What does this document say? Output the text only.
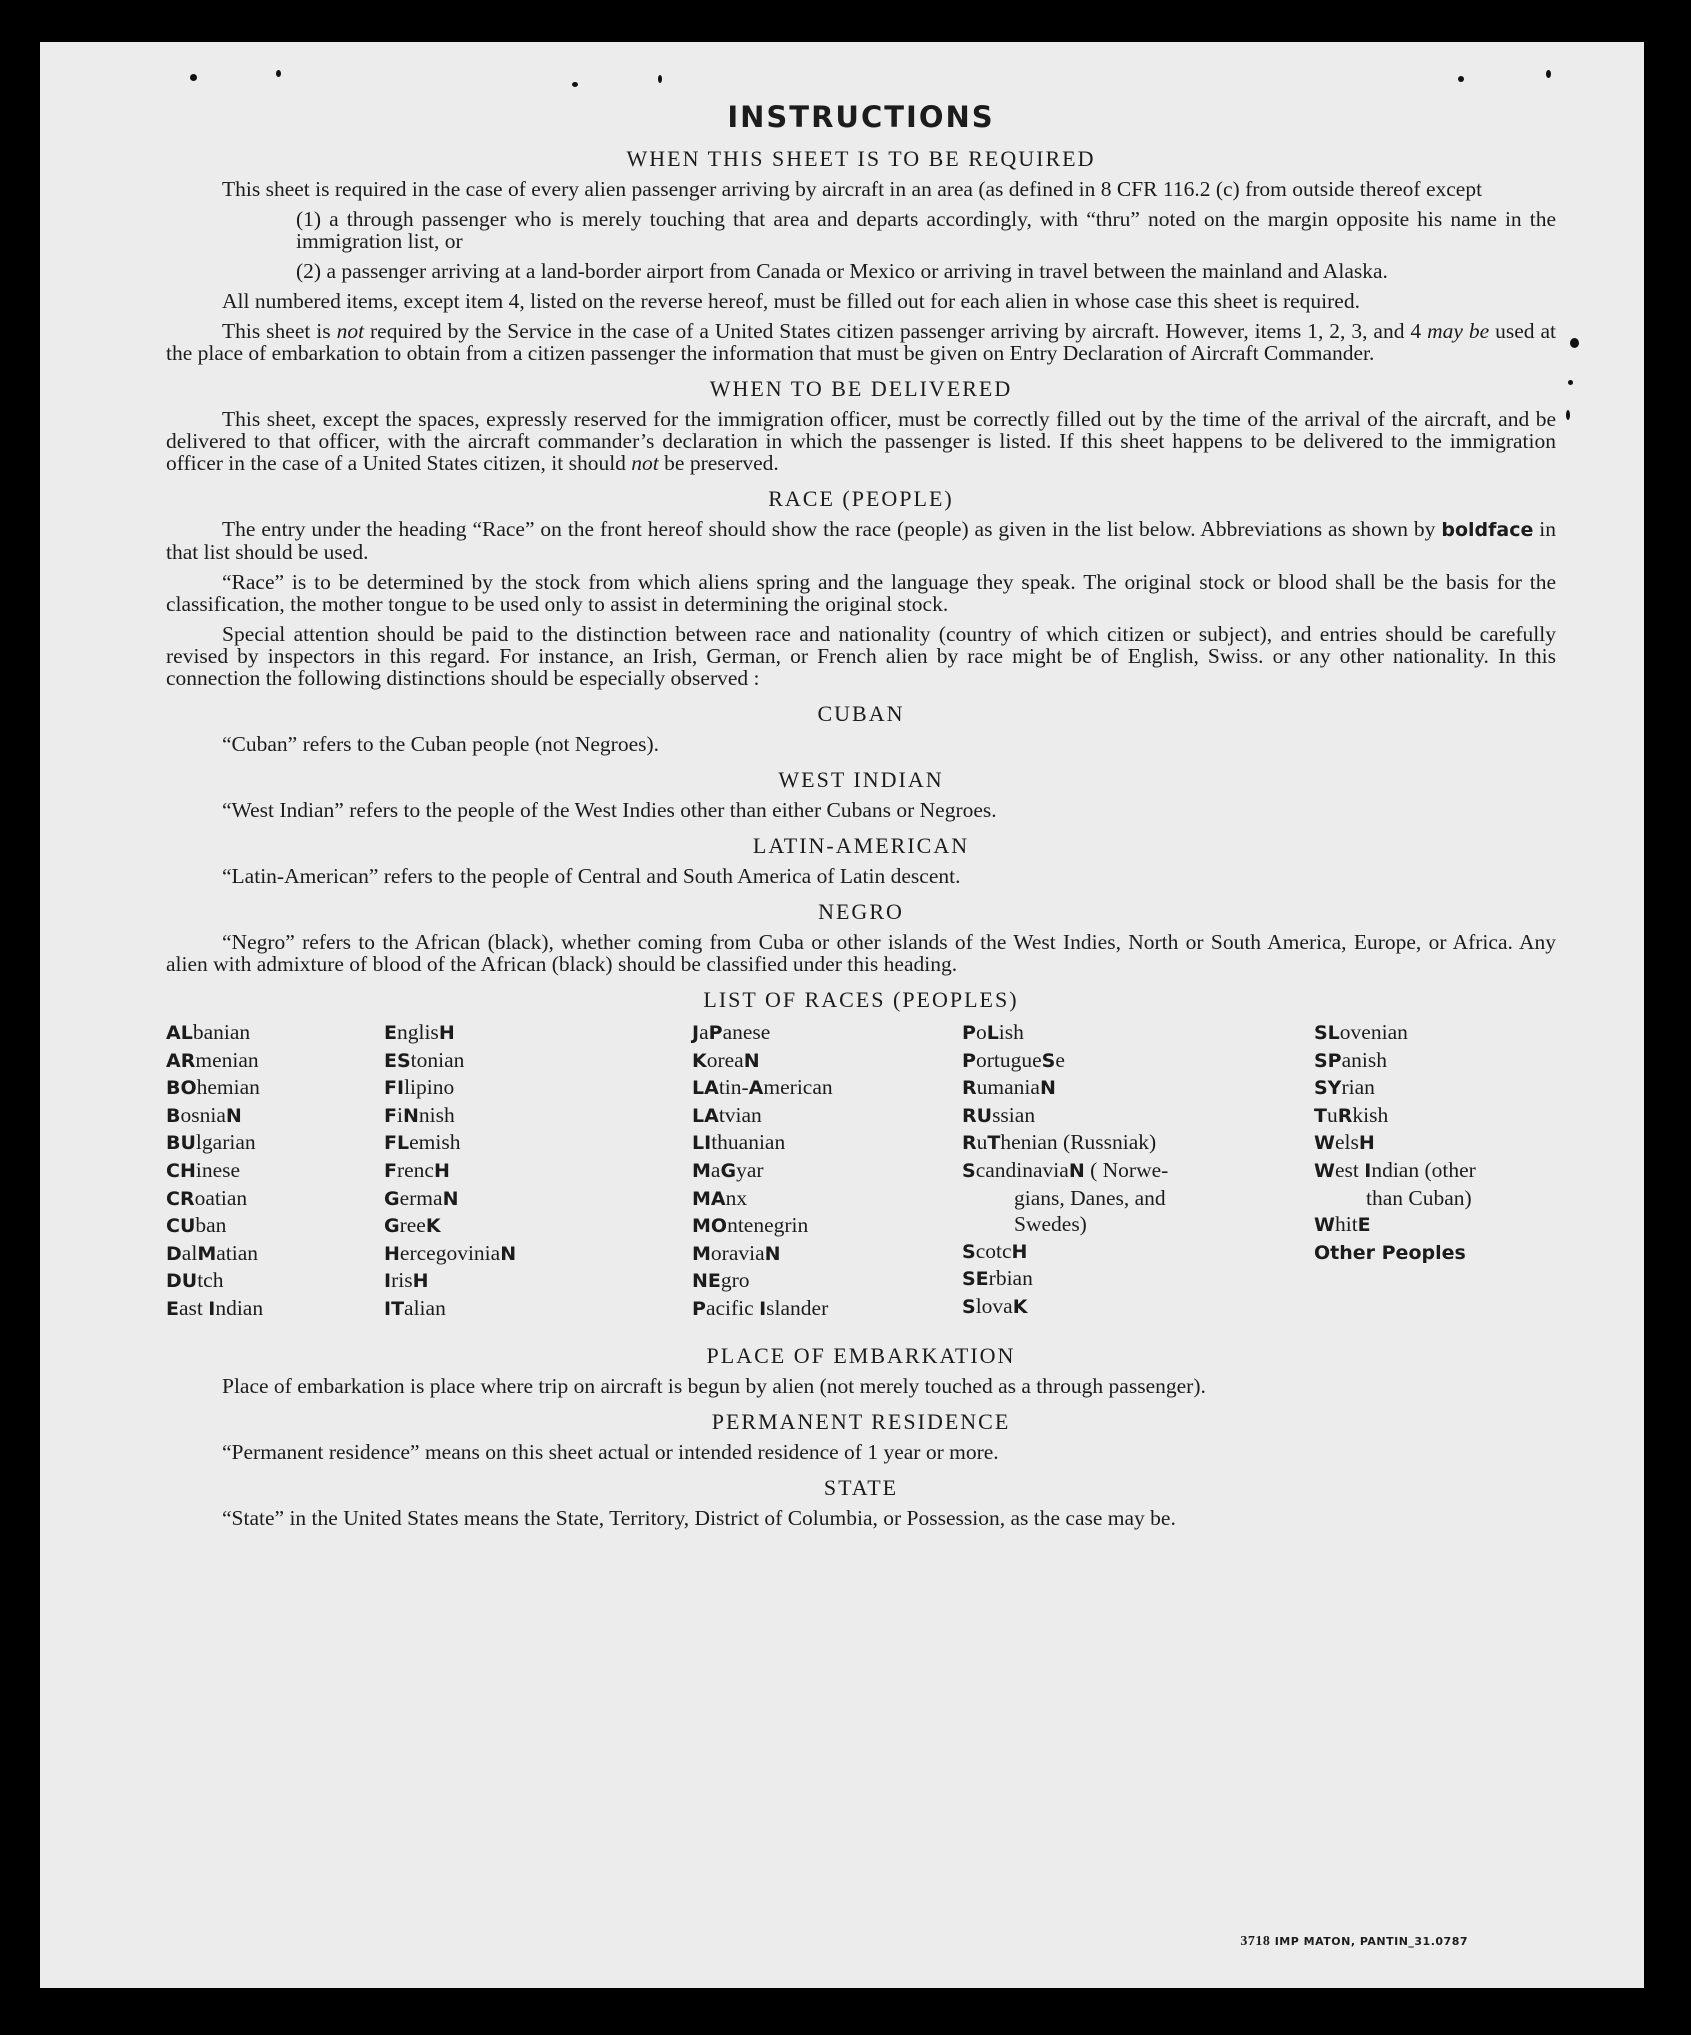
INSTRUCTIONS
WHEN THIS SHEET IS TO BE REQUIRED

This sheet is required in the case of every alien passenger arriving by aircraft in an area (as defined in 8 CFR 116.2 (c) from outside thereof except

(1) a through passenger who is merely touching that area and departs accordingly, with “thru” noted on the margin opposite his name in the immigration list, or

(2) a passenger arriving at a land-border airport from Canada or Mexico or arriving in travel between the mainland and Alaska.

All numbered items, except item 4, listed on the reverse hereof, must be filled out for each alien in whose case this sheet is required.

This sheet is not required by the Service in the case of a United States citizen passenger arriving by aircraft. However, items 1, 2, 3, and 4 may be used at the place of embarkation to obtain from a citizen passenger the information that must be given on Entry Declaration of Aircraft Commander.

WHEN TO BE DELIVERED

This sheet, except the spaces, expressly reserved for the immigration officer, must be correctly filled out by the time of the arrival of the aircraft, and be delivered to that officer, with the aircraft commander’s declaration in which the passenger is listed. If this sheet happens to be delivered to the immigration officer in the case of a United States citizen, it should not be preserved.

RACE (PEOPLE)

The entry under the heading “Race” on the front hereof should show the race (people) as given in the list below. Abbreviations as shown by boldface in that list should be used.

“Race” is to be determined by the stock from which aliens spring and the language they speak. The original stock or blood shall be the basis for the classification, the mother tongue to be used only to assist in determining the original stock.

Special attention should be paid to the distinction between race and nationality (country of which citizen or subject), and entries should be carefully revised by inspectors in this regard. For instance, an Irish, German, or French alien by race might be of English, Swiss. or any other nationality. In this connection the following distinctions should be especially observed :

CUBAN

“Cuban” refers to the Cuban people (not Negroes).

WEST INDIAN

“West Indian” refers to the people of the West Indies other than either Cubans or Negroes.

LATIN-AMERICAN

“Latin-American” refers to the people of Central and South America of Latin descent.

NEGRO

“Negro” refers to the African (black), whether coming from Cuba or other islands of the West Indies, North or South America, Europe, or Africa. Any alien with admixture of blood of the African (black) should be classified under this heading.

LIST OF RACES (PEOPLES)
ALbanian
ARmenian
BOhemian
BosniaN
BUlgarian
CHinese
CRoatian
CUban
DalMatian
DUtch
East Indian
EnglisH
EStonian
FIlipino
FiNnish
FLemish
FrencH
GermaN
GreeK
HercegoviniaN
IrisH
ITalian
JaPanese
KoreaN
LAtin-American
LAtvian
LIthuanian
MaGyar
MAnx
MOntenegrin
MoraviaN
NEgro
Pacific Islander
PoLish
PortugueSe
RumaniaN
RUssian
RuThenian (Russniak)
ScandinaviaN ( Norwe-
gians, Danes, and
Swedes)
ScotcH
SErbian
SlovaK
SLovenian
SPanish
SYrian
TuRkish
WelsH
West Indian (other
than Cuban)
WhitE
Other Peoples
PLACE OF EMBARKATION

Place of embarkation is place where trip on aircraft is begun by alien (not merely touched as a through passenger).

PERMANENT RESIDENCE

“Permanent residence” means on this sheet actual or intended residence of 1 year or more.

STATE

“State” in the United States means the State, Territory, District of Columbia, or Possession, as the case may be.

3718 IMP MATON, PANTIN_31.0787
